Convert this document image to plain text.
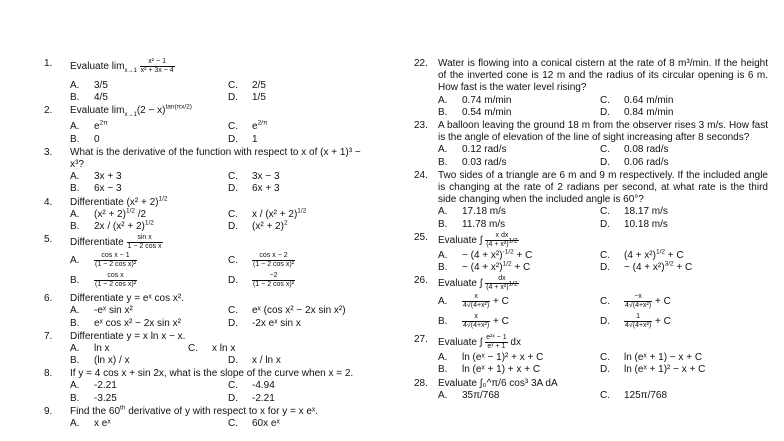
1.	Evaluate $\lim_{x\to 1} \frac{\text{x² − 1}}{\text{x² + 3x − 4}}$
A. 3/5	C. 2/5
B. 4/5	D. 1/5
2.	Evaluate $\lim_{x\to 1}(2 - x)^{tan(\pi x/2)}$
A. $e^{2\pi}$	C. $e^{2/\pi}$
B. 0	D. 1
3.	What is the derivative of the function with respect to x of (x + 1)³ − x³?
A. 3x + 3	C. 3x − 3
B. 6x − 3	D. 6x + 3
4.	Differentiate $(x^2 + 2)^{1/2}$
A. $(x^2 + 2)^{1/2}$ /2	C. $x / (x^2 + 2)^{1/2}$
B. $2x / (x^2 + 2)^{1/2}$	D. $(x^2 + 2)^2$
5.	Differentiate $\frac{\text{sin x}}{\text{1 − 2 cos x}}$
A. $\frac{\text{cos x − 1}}{\text{(1 − 2 cos x)²}}$	C. $\frac{\text{cos x − 2}}{\text{(1 − 2 cos x)²}}$
B. $\frac{\text{cos x}}{\text{(1 − 2 cos x)²}}$	D. $\frac{-2}{\text{(1 − 2 cos x)²}}$
6.	Differentiate y = eˣ cos x².
A. -eˣ sin x²	C. eˣ (cos x² − 2x sin x²)
B. eˣ cos x² − 2x sin x²	D. -2x eˣ sin x
7.	Differentiate y = x ln x − x.
A. ln x	C. x ln x
B. (ln x) / x	D. x / ln x
8.	If y = 4 cos x + sin 2x, what is the slope of the curve when x = 2.
A. -2.21	C. -4.94
B. -3.25	D. -2.21
9.	Find the 60th derivative of y with respect to x for y = x eˣ.
A. x eˣ	C. 60x eˣ
22.	Water is flowing into a conical cistern at the rate of 8 m³/min. If the height of the inverted cone is 12 m and the radius of its circular opening is 6 m. How fast is the water level rising?
A. 0.74 m/min	C. 0.64 m/min
B. 0.54 m/min	D. 0.84 m/min
23.	A balloon leaving the ground 18 m from the observer rises 3 m/s. How fast is the angle of elevation of the line of sight increasing after 8 seconds?
A. 0.12 rad/s	C. 0.08 rad/s
B. 0.03 rad/s	D. 0.06 rad/s
24.	Two sides of a triangle are 6 m and 9 m respectively. If the included angle is changing at the rate of 2 radians per second, at what rate is the third side changing when the included angle is 60°?
A. 17.18 m/s	C. 18.17 m/s
B. 11.78 m/s	D. 10.18 m/s
25.	Evaluate ∫ $\frac{\text{x dx}}{(4 + x^2)^{1/2}}$
A. − $(4 + x^2)^{-1/2} + C$	C. $(4 + x^2)^{1/2} + C$
B. − $(4 + x^2)^{1/2} + C$	D. − $(4 + x^2)^{3/2} + C$
26.	Evaluate ∫ $\frac{dx}{(4 + x^2)^{1/2}}$
A. $\frac{x}{\text{4√(4+x²)}} + C$	C. $\frac{-x}{\text{4√(4+x²)}} + C$
B. $\frac{x}{\text{4√(4+x²)}} + C$	D. $\frac{1}{\text{4√(4+x²)}} + C$
27.	Evaluate ∫ $\frac{\text{e²ˣ − 1}}{\text{eˣ + 1}}$ dx
A. ln (eˣ − 1)² + x + C	C. ln (eˣ + 1) − x + C
B. ln (eˣ + 1) + x + C	D. ln (eˣ + 1)² − x + C
28.	Evaluate ∫₀^π/6 cos³ 3A dA
A. 35π/768	C. 125π/768
